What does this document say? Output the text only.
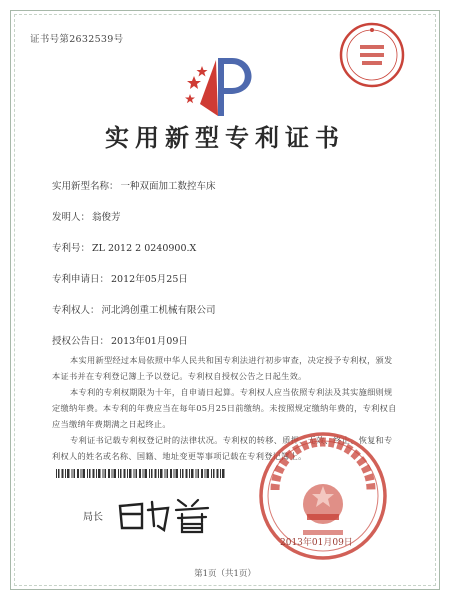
证书号第2632539号
实用新型专利证书
实用新型名称： 一种双面加工数控车床
发明人： 翁俊芳
专利号： ZL 2012 2 0240900.X
专利申请日： 2012年05月25日
专利权人： 河北鸿创重工机械有限公司
授权公告日： 2013年01月09日

本实用新型经过本局依照中华人民共和国专利法进行初步审查，决定授予专利权，颁发本证书并在专利登记簿上予以登记。专利权自授权公告之日起生效。

本专利的专利权期限为十年，自申请日起算。专利权人应当依照专利法及其实施细则规定缴纳年费。本专利的年费应当在每年05月25日前缴纳。未按照规定缴纳年费的，专利权自应当缴纳年费期满之日起终止。

专利证书记载专利权登记时的法律状况。专利权的转移、质押、无效、终止、恢复和专利权人的姓名或名称、国籍、地址变更等事项记载在专利登记簿上。

局长
2013年01月09日
第1页（共1页）
